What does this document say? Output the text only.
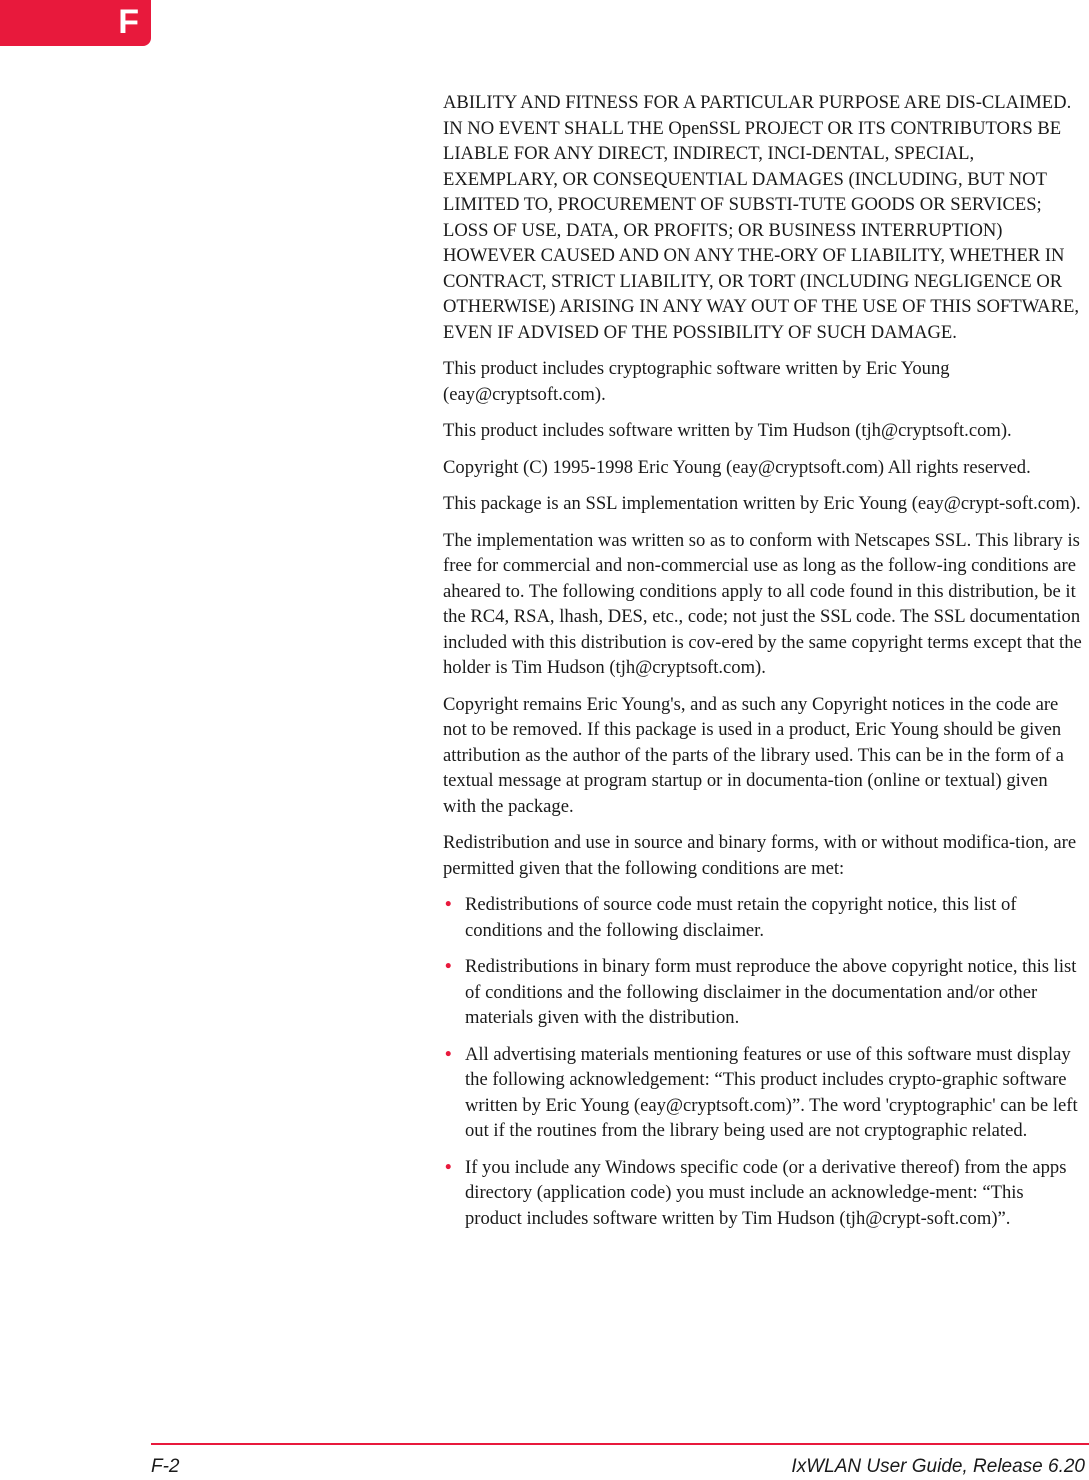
F

ABILITY AND FITNESS FOR A PARTICULAR PURPOSE ARE DIS-CLAIMED. IN NO EVENT SHALL THE OpenSSL PROJECT OR ITS CONTRIBUTORS BE LIABLE FOR ANY DIRECT, INDIRECT, INCI-DENTAL, SPECIAL, EXEMPLARY, OR CONSEQUENTIAL DAMAGES (INCLUDING, BUT NOT LIMITED TO, PROCUREMENT OF SUBSTI-TUTE GOODS OR SERVICES; LOSS OF USE, DATA, OR PROFITS; OR BUSINESS INTERRUPTION) HOWEVER CAUSED AND ON ANY THE-ORY OF LIABILITY, WHETHER IN CONTRACT, STRICT LIABILITY, OR TORT (INCLUDING NEGLIGENCE OR OTHERWISE) ARISING IN ANY WAY OUT OF THE USE OF THIS SOFTWARE, EVEN IF ADVISED OF THE POSSIBILITY OF SUCH DAMAGE.

This product includes cryptographic software written by Eric Young (eay@cryptsoft.com).

This product includes software written by Tim Hudson (tjh@cryptsoft.com).

Copyright (C) 1995-1998 Eric Young (eay@cryptsoft.com) All rights reserved.

This package is an SSL implementation written by Eric Young (eay@crypt-soft.com).

The implementation was written so as to conform with Netscapes SSL. This library is free for commercial and non-commercial use as long as the follow-ing conditions are aheared to. The following conditions apply to all code found in this distribution, be it the RC4, RSA, lhash, DES, etc., code; not just the SSL code. The SSL documentation included with this distribution is cov-ered by the same copyright terms except that the holder is Tim Hudson (tjh@cryptsoft.com).

Copyright remains Eric Young's, and as such any Copyright notices in the code are not to be removed. If this package is used in a product, Eric Young should be given attribution as the author of the parts of the library used. This can be in the form of a textual message at program startup or in documenta-tion (online or textual) given with the package.

Redistribution and use in source and binary forms, with or without modifica-tion, are permitted given that the following conditions are met:

• Redistributions of source code must retain the copyright notice, this list of conditions and the following disclaimer.
• Redistributions in binary form must reproduce the above copyright notice, this list of conditions and the following disclaimer in the documentation and/or other materials given with the distribution.
• All advertising materials mentioning features or use of this software must display the following acknowledgement: “This product includes crypto-graphic software written by Eric Young (eay@cryptsoft.com)”. The word 'cryptographic' can be left out if the routines from the library being used are not cryptographic related.
• If you include any Windows specific code (or a derivative thereof) from the apps directory (application code) you must include an acknowledge-ment: “This product includes software written by Tim Hudson (tjh@crypt-soft.com)”.
F-2	IxWLAN User Guide, Release 6.20
